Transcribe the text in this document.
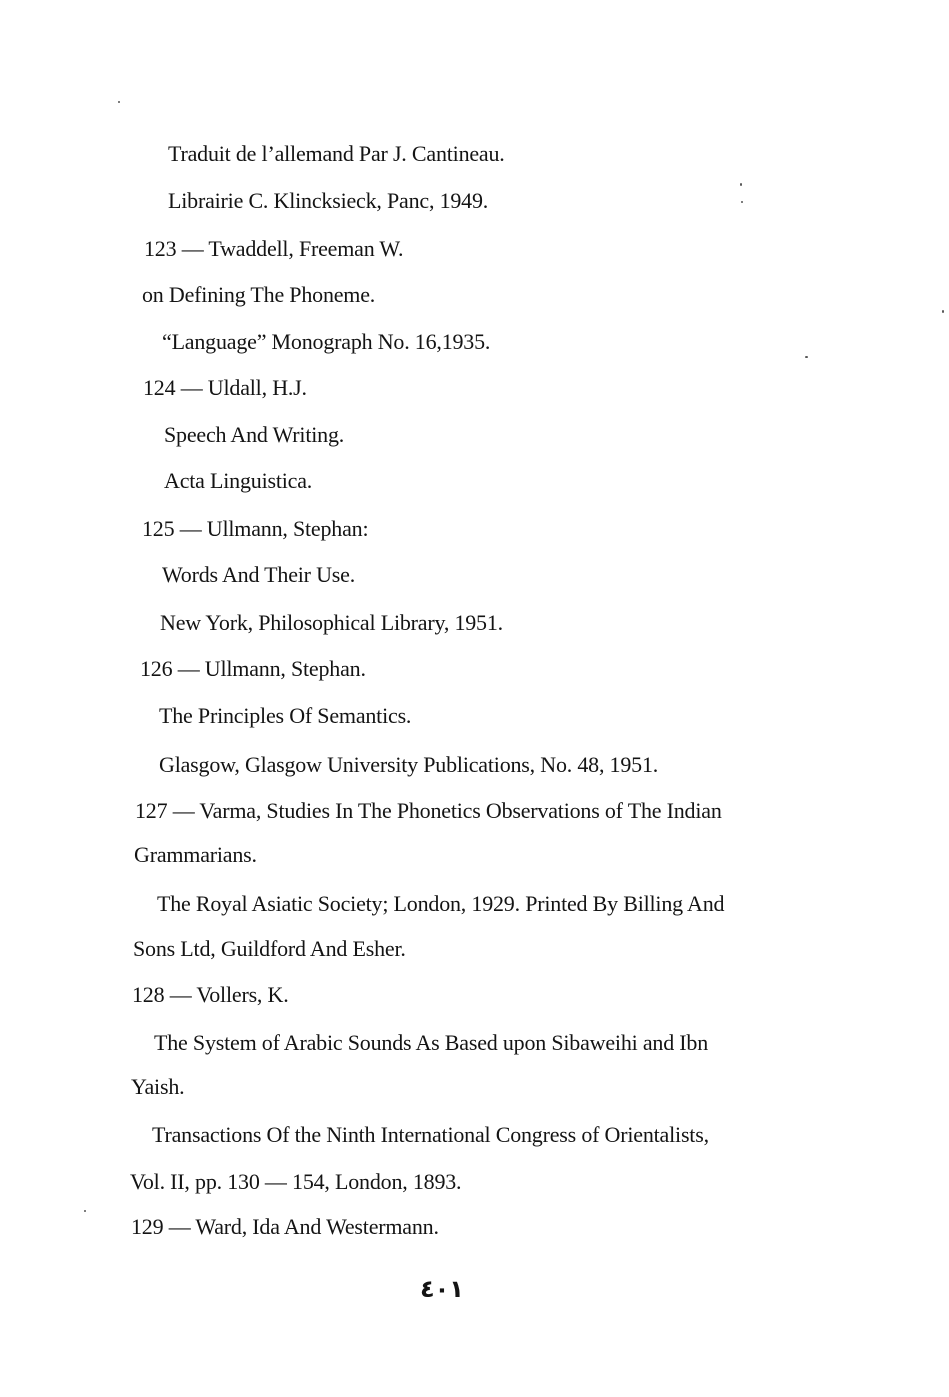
Traduit de l’allemand Par J. Cantineau.
Librairie C. Klincksieck, Panc, 1949.
123 — Twaddell, Freeman W.
on Defining The Phoneme.
“Language” Monograph No. 16,1935.
124 — Uldall, H.J.
Speech And Writing.
Acta Linguistica.
125 — Ullmann, Stephan:
Words And Their Use.
New York, Philosophical Library, 1951.
126 — Ullmann, Stephan.
The Principles Of Semantics.
Glasgow, Glasgow University Publications, No. 48, 1951.
127 — Varma, Studies In The Phonetics Observations of The Indian
Grammarians.
The Royal Asiatic Society; London, 1929. Printed By Billing And
Sons Ltd, Guildford And Esher.
128 — Vollers, K.
The System of Arabic Sounds As Based upon Sibaweihi and Ibn
Yaish.
Transactions Of the Ninth International Congress of Orientalists,
Vol. II, pp. 130 — 154, London, 1893.
129 — Ward, Ida And Westermann.
٤٠١
